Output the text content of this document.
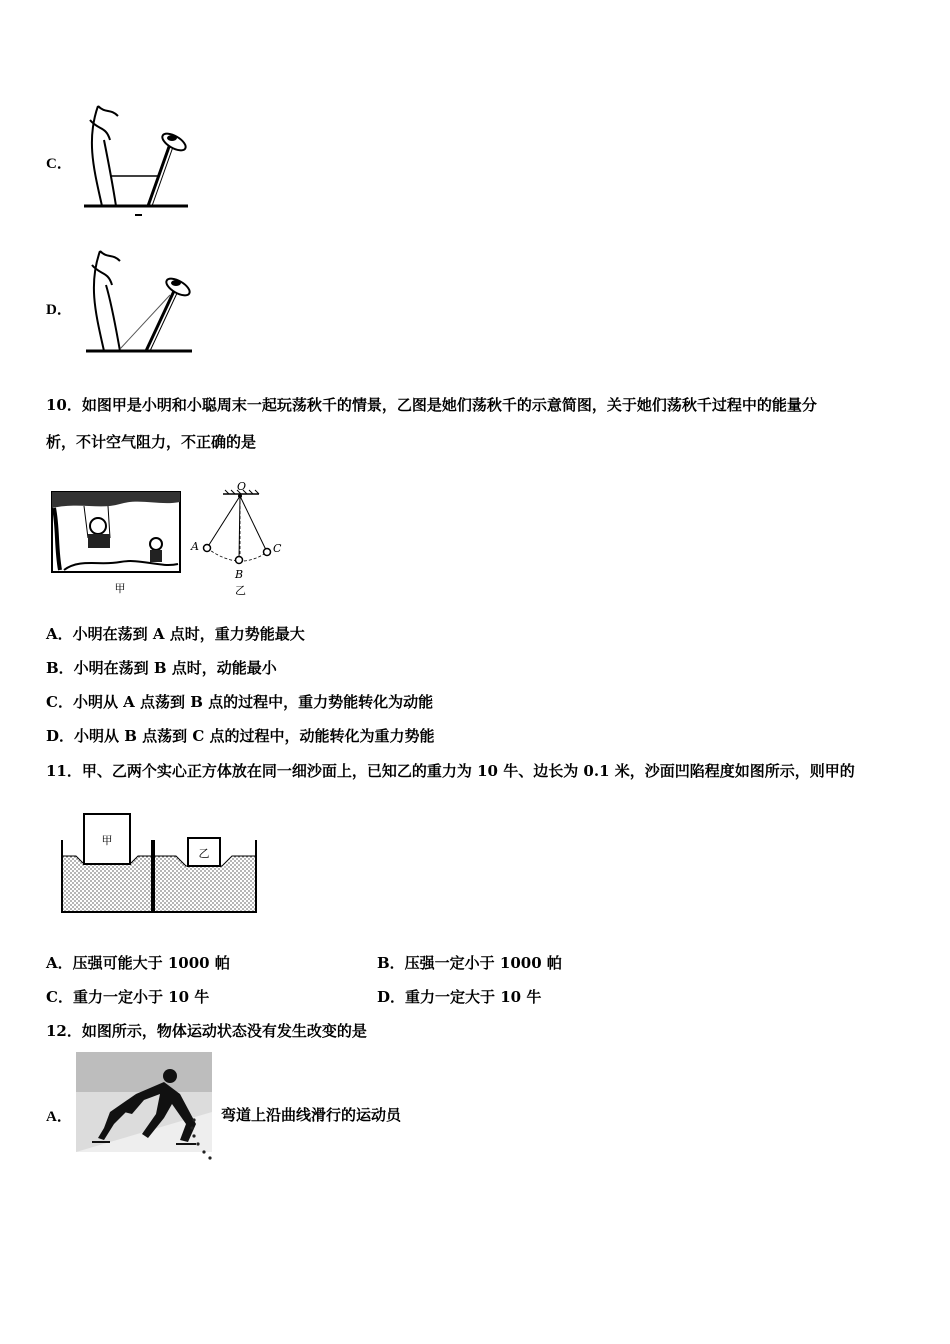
C．
D．
10．如图甲是小明和小聪周末一起玩荡秋千的情景，乙图是她们荡秋千的示意简图，关于她们荡秋千过程中的能量分
析，不计空气阻力，不正确的是
甲
O
A
B
C
乙
A．小明在荡到 A 点时，重力势能最大
B．小明在荡到 B 点时，动能最小
C．小明从 A 点荡到 B 点的过程中，重力势能转化为动能
D．小明从 B 点荡到 C 点的过程中，动能转化为重力势能
11．甲、乙两个实心正方体放在同一细沙面上，已知乙的重力为 10 牛、边长为 0.1 米，沙面凹陷程度如图所示，则甲的
甲
乙
A．压强可能大于 1000 帕	B．压强一定小于 1000 帕
C．重力一定小于 10 牛	D．重力一定大于 10 牛
12．如图所示，物体运动状态没有发生改变的是
A．	弯道上沿曲线滑行的运动员
